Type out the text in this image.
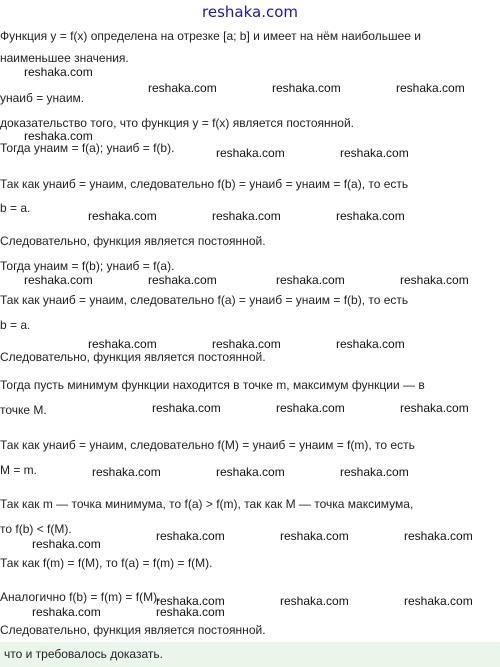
reshaka.com
Функция y = f(x) определена на отрезке [a; b] и имеет на нём наибольшее и
наименьшее значения.
yнаиб = yнаим.
доказательство того, что функция y = f(x) является постоянной.
Тогда yнаим = f(a); yнаиб = f(b).
Так как yнаиб = yнаим, следовательно f(b) = yнаиб = yнаим = f(a), то есть
b = a.
Следовательно, функция является постоянной.
Тогда yнаим = f(b); yнаиб = f(a).
Так как yнаиб = yнаим, следовательно f(a) = yнаиб = yнаим = f(b), то есть
b = a.
Следовательно, функция является постоянной.
Тогда пусть минимум функции находится в точке m, максимум функции — в
точке M.
Так как yнаиб = yнаим, следовательно f(M) = yнаиб = yнаим = f(m), то есть
M = m.
Так как m — точка минимума, то f(a) > f(m), так как M — точка максимума,
то f(b) < f(M).
Так как f(m) = f(M), то f(a) = f(m) = f(M).
Аналогично f(b) = f(m) = f(M).
Следовательно, функция является постоянной.
что и требовалось доказать.
reshaka.com
reshaka.com	reshaka.com	reshaka.com
reshaka.com
reshaka.com	reshaka.com
reshaka.com	reshaka.com	reshaka.com
reshaka.com	reshaka.com	reshaka.com	reshaka.com
reshaka.com	reshaka.com	reshaka.com
reshaka.com	reshaka.com	reshaka.com
reshaka.com	reshaka.com	reshaka.com
reshaka.com	reshaka.com	reshaka.com
reshaka.com
reshaka.com	reshaka.com	reshaka.com
reshaka.com	reshaka.com
